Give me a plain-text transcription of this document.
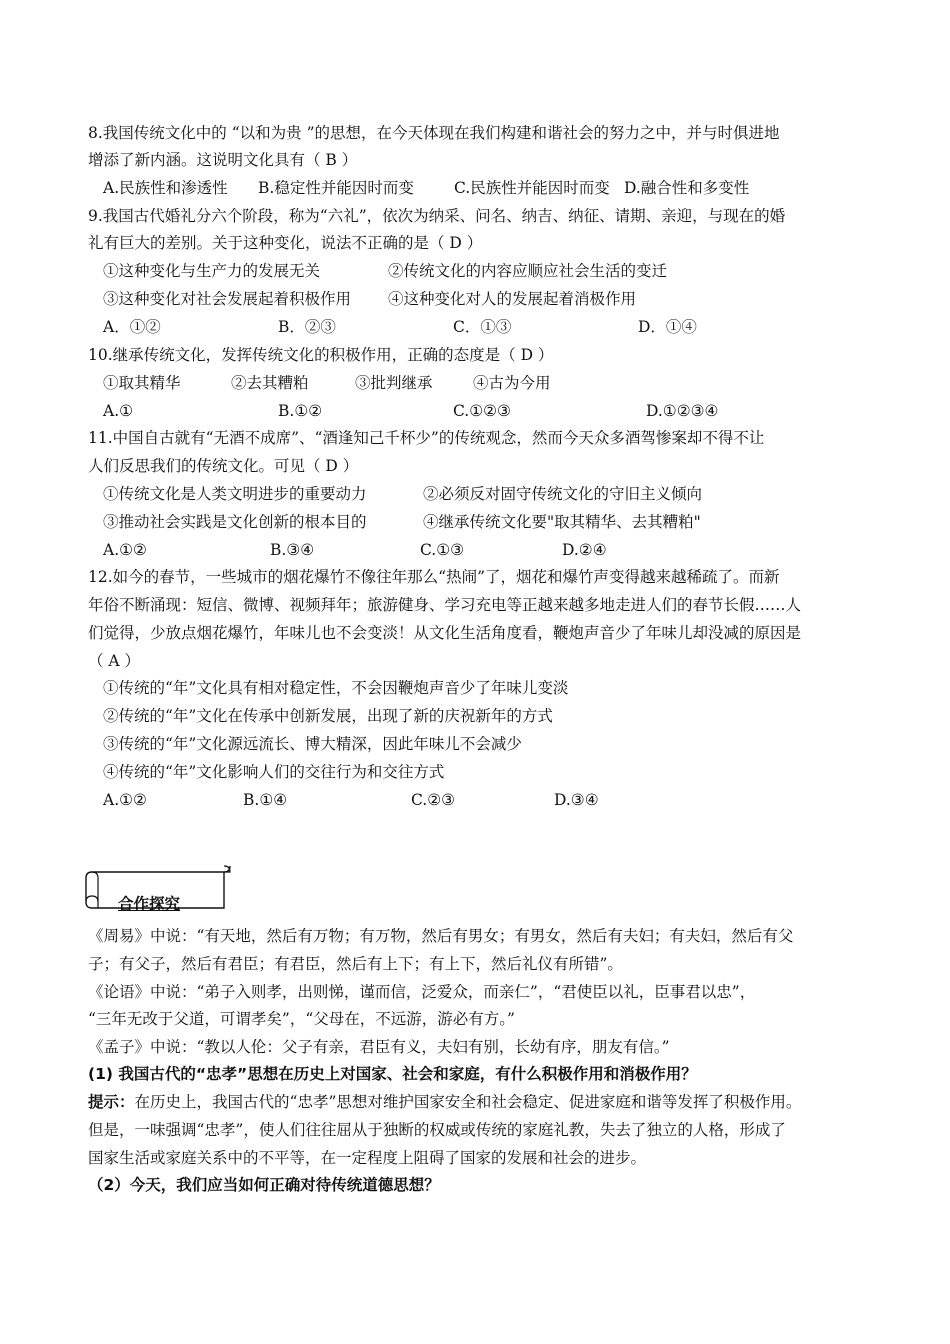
8.我国传统文化中的 “以和为贵 ”的思想，在今天体现在我们构建和谐社会的努力之中，并与时俱进地
增添了新内涵。这说明文化具有（ B ）
A.民族性和渗透性 B.稳定性并能因时而变	C.民族性并能因时而变 D.融合性和多变性
9.我国古代婚礼分六个阶段，称为“六礼”，依次为纳采、问名、纳吉、纳征、请期、亲迎，与现在的婚
礼有巨大的差别。关于这种变化，说法不正确的是（ D ）
①这种变化与生产力的发展无关	②传统文化的内容应顺应社会生活的变迁
③这种变化对社会发展起着积极作用 ④这种变化对人的发展起着消极作用
A．①②	B．②③	C．①③	D．①④
10.继承传统文化，发挥传统文化的积极作用，正确的态度是（ D ）
①取其精华	②去其糟粕	③批判继承	④古为今用
A.①	B.①②	C.①②③	D.①②③④
11.中国自古就有“无酒不成席”、“酒逢知己千杯少”的传统观念，然而今天众多酒驾惨案却不得不让
人们反思我们的传统文化。可见（ D ）
①传统文化是人类文明进步的重要动力	②必须反对固守传统文化的守旧主义倾向
③推动社会实践是文化创新的根本目的	④继承传统文化要"取其精华、去其糟粕"
A.①②	B.③④	C.①③	D.②④
12.如今的春节，一些城市的烟花爆竹不像往年那么“热闹”了，烟花和爆竹声变得越来越稀疏了。而新
年俗不断涌现：短信、微博、视频拜年；旅游健身、学习充电等正越来越多地走进人们的春节长假……人
们觉得，少放点烟花爆竹，年味儿也不会变淡！从文化生活角度看，鞭炮声音少了年味儿却没减的原因是
（ A ）
①传统的“年”文化具有相对稳定性，不会因鞭炮声音少了年味儿变淡
②传统的“年”文化在传承中创新发展，出现了新的庆祝新年的方式
③传统的“年”文化源远流长、博大精深，因此年味儿不会减少
④传统的“年”文化影响人们的交往行为和交往方式
A.①②	B.①④	C.②③	D.③④
合作探究
《周易》中说：“有天地，然后有万物；有万物，然后有男女；有男女，然后有夫妇；有夫妇，然后有父
子；有父子，然后有君臣；有君臣，然后有上下；有上下，然后礼仪有所错”。
《论语》中说：“弟子入则孝，出则悌，谨而信，泛爱众，而亲仁”，“君使臣以礼，臣事君以忠”，
“三年无改于父道，可谓孝矣”，“父母在，不远游，游必有方。”
《孟子》中说：“教以人伦：父子有亲，君臣有义，夫妇有别，长幼有序，朋友有信。”
(1) 我国古代的“忠孝”思想在历史上对国家、社会和家庭，有什么积极作用和消极作用？
提示：在历史上，我国古代的“忠孝”思想对维护国家安全和社会稳定、促进家庭和谐等发挥了积极作用。
但是，一味强调“忠孝”，使人们往往屈从于独断的权威或传统的家庭礼教，失去了独立的人格，形成了
国家生活或家庭关系中的不平等，在一定程度上阻碍了国家的发展和社会的进步。
（2）今天，我们应当如何正确对待传统道德思想？
